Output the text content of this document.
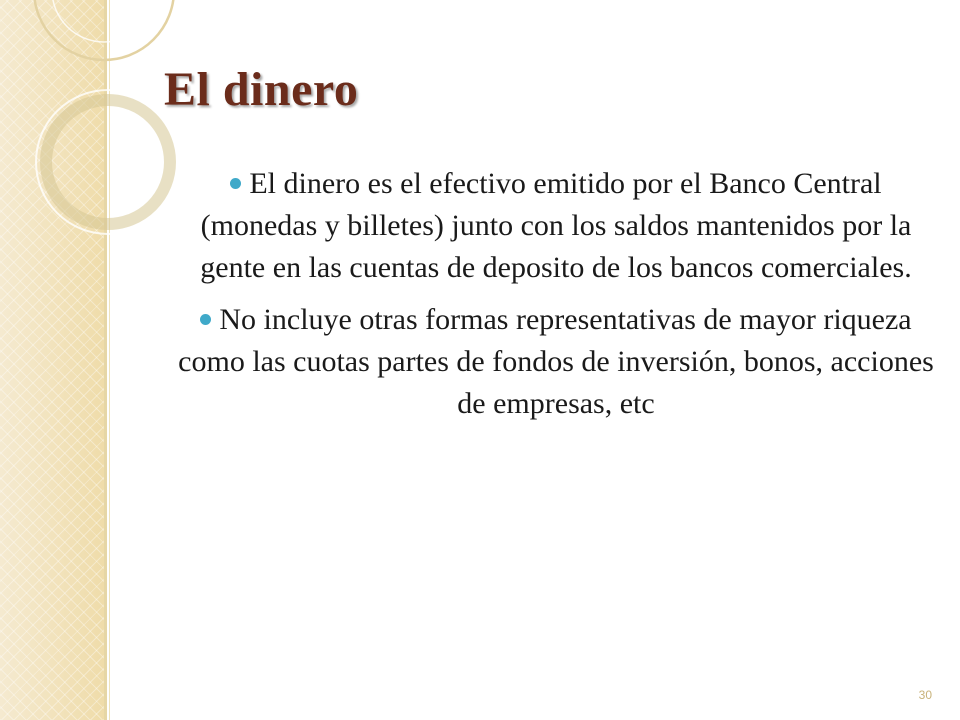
El dinero
El dinero es el efectivo emitido por el Banco Central (monedas y billetes) junto con los saldos mantenidos por la gente en las cuentas de deposito de los bancos comerciales.
No incluye otras formas representativas de mayor riqueza como las cuotas partes de fondos de inversión, bonos, acciones de empresas, etc
30
